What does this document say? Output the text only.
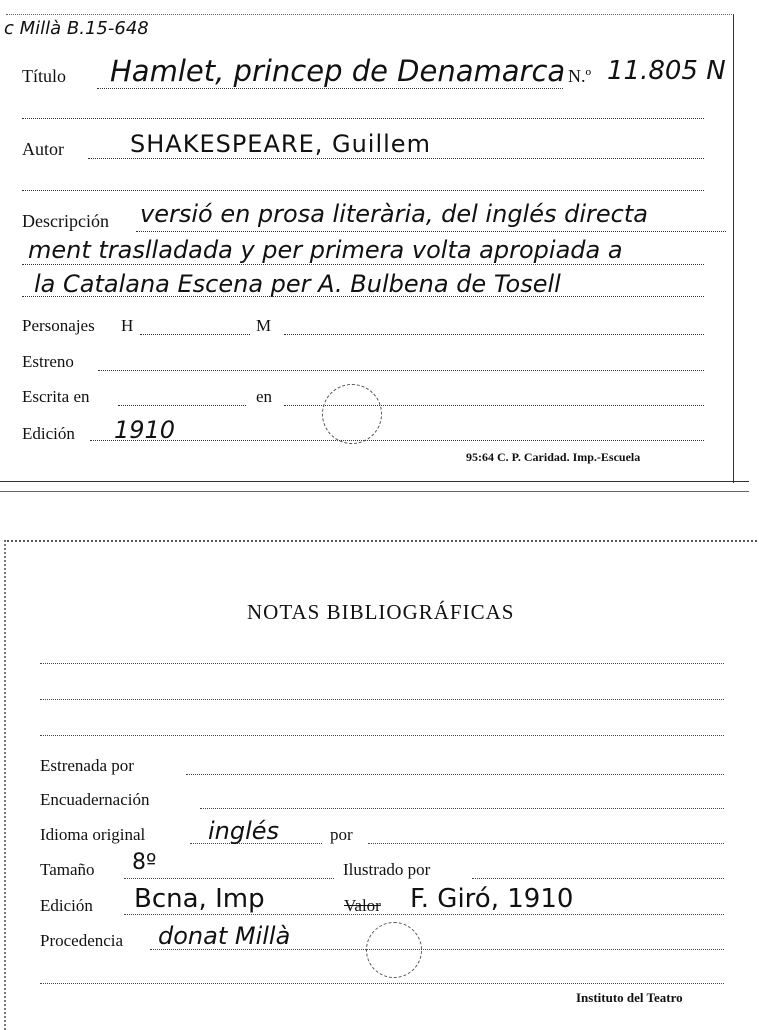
c Millà B.15-648
Título Hamlet, princep de Denamarca N.º 11.805 N
Autor	SHAKESPEARE, Guillem
Descripción versió en prosa literària, del inglés directa
ment traslladada y per primera volta apropiada a
la Catalana Escena per A. Bulbena de Tosell
Personajes H	M
Estreno
Escrita en	en
Edición 1910
95:64 C. P. Caridad. Imp.-Escuela
NOTAS BIBLIOGRÁFICAS
Estrenada por
Encuadernación
Idioma original	inglés	por
Tamaño 8º	Ilustrado por
Edición Bcna, Imp	Valor F. Giró, 1910
Procedencia donat Millà
Instituto del Teatro
